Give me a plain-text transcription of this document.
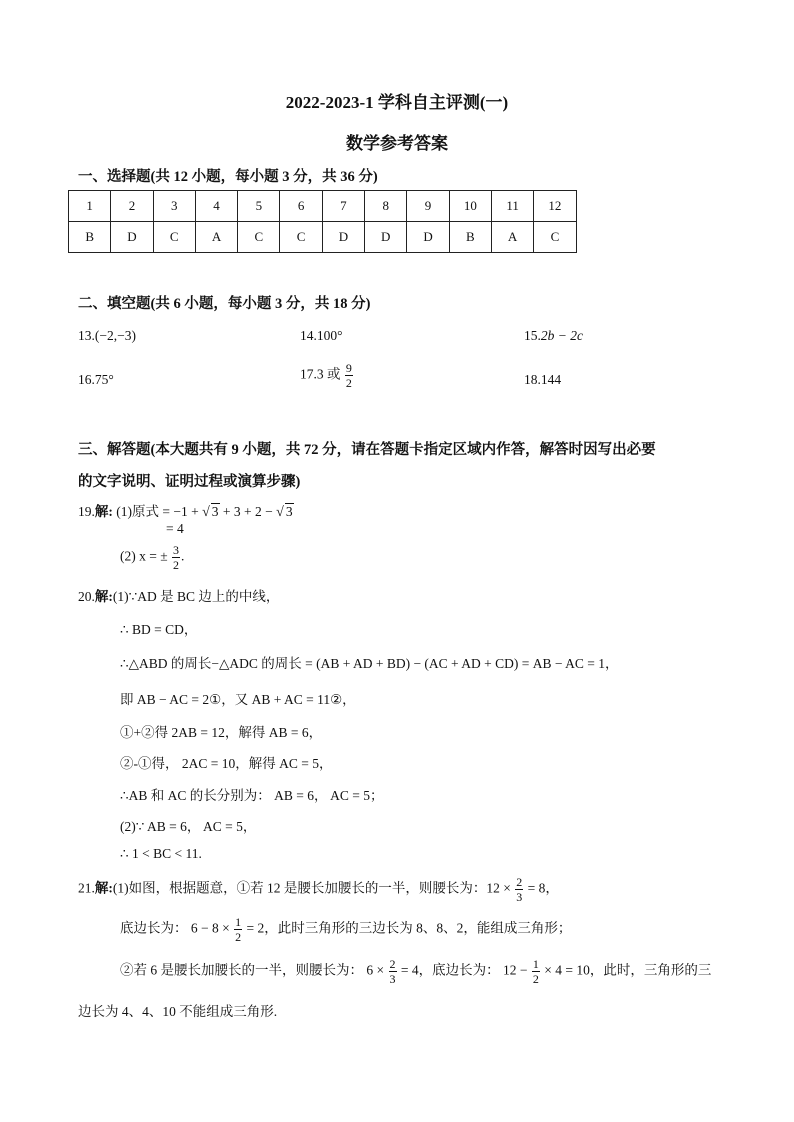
2022-2023-1 学科自主评测(一)
数学参考答案
一、选择题(共 12 小题，每小题 3 分，共 36 分)
1	2	3	4	5	6	7	8	9	10	11	12
B	D	C	A	C	C	D	D	D	B	A	C
二、填空题(共 6 小题，每小题 3 分，共 18 分)
13.(−2,−3)	14.100°	15.2b − 2c
16.75°	17.3 或 $\frac{9}{2}$	18.144
三、解答题(本大题共有 9 小题，共 72 分，请在答题卡指定区域内作答，解答时因写出必要
的文字说明、证明过程或演算步骤)
19.解: (1)原式 = −1 + √ 3 + 3 + 2 − √ 3
= 4
(2) x = ± $\frac{3}{2}$ .
20.解:(1)∵AD 是 BC 边上的中线，
∴ BD = CD，
∴△ABD 的周长−△ADC 的周长 = (AB + AD + BD) − (AC + AD + CD) = AB − AC = 1，
即 AB − AC = 2①，又 AB + AC = 11②，
①+②得 2AB = 12，解得 AB = 6，
②-①得， 2AC = 10，解得 AC = 5，
∴AB 和 AC 的长分别为： AB = 6， AC = 5；
(2)∵ AB = 6， AC = 5，
∴ 1 < BC < 11.
21.解:(1)如图，根据题意，①若 12 是腰长加腰长的一半，则腰长为：$12 \times \frac{2}{3} = 8$，
底边长为： $6 - 8 \times \frac{1}{2} = 2$，此时三角形的三边长为 8、8、2，能组成三角形；
②若 6 是腰长加腰长的一半，则腰长为： $6 \times \frac{2}{3} = 4$，底边长为： $12 - \frac{1}{2} \times 4 = 10$，此时，三角形的三
边长为 4、4、10 不能组成三角形.
